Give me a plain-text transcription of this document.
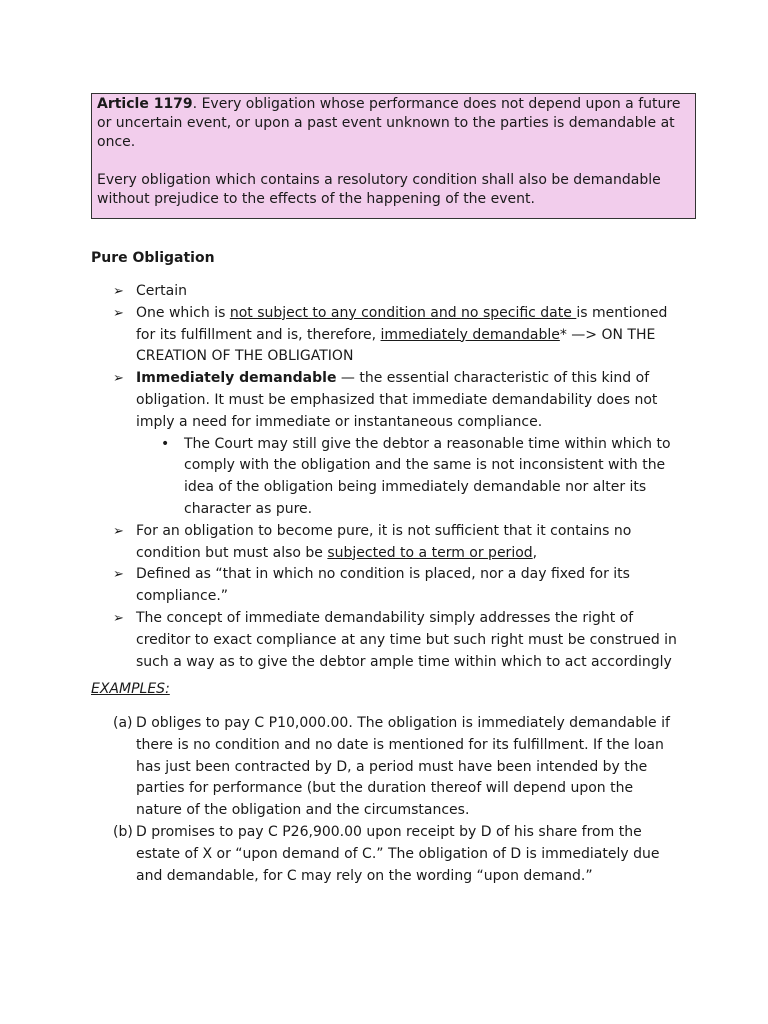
Article 1179. Every obligation whose performance does not depend upon a future or uncertain event, or upon a past event unknown to the parties is demandable at once.

Every obligation which contains a resolutory condition shall also be demandable without prejudice to the effects of the happening of the event.

Pure Obligation
➢ Certain
➢ One which is not subject to any condition and no specific date is mentioned for its fulfillment and is, therefore, immediately demandable* —> ON THE CREATION OF THE OBLIGATION
➢ Immediately demandable — the essential characteristic of this kind of obligation. It must be emphasized that immediate demandability does not imply a need for immediate or instantaneous compliance.
• The Court may still give the debtor a reasonable time within which to comply with the obligation and the same is not inconsistent with the idea of the obligation being immediately demandable nor alter its character as pure.
➢ For an obligation to become pure, it is not sufficient that it contains no condition but must also be subjected to a term or period,
➢ Defined as “that in which no condition is placed, nor a day fixed for its compliance.”
➢ The concept of immediate demandability simply addresses the right of creditor to exact compliance at any time but such right must be construed in such a way as to give the debtor ample time within which to act accordingly
EXAMPLES:
(a) D obliges to pay C P10,000.00. The obligation is immediately demandable if there is no condition and no date is mentioned for its fulfillment. If the loan has just been contracted by D, a period must have been intended by the parties for performance (but the duration thereof will depend upon the nature of the obligation and the circumstances.
(b) D promises to pay C P26,900.00 upon receipt by D of his share from the estate of X or “upon demand of C.” The obligation of D is immediately due and demandable, for C may rely on the wording “upon demand.”
